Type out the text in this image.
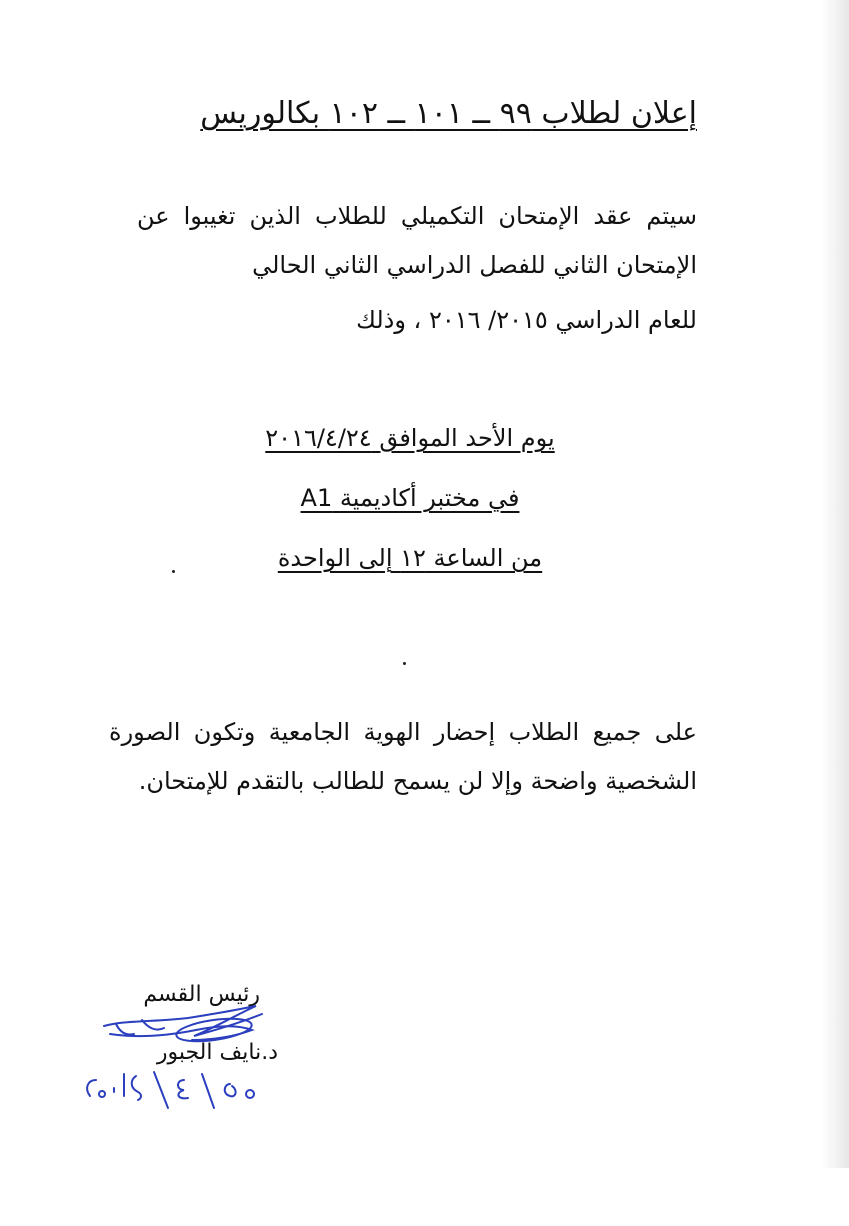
إعلان لطلاب ٩٩ ــ ١٠١ ــ ١٠٢ بكالوريس
سيتم عقد الإمتحان التكميلي للطلاب الذين تغيبوا عن الإمتحان الثاني للفصل الدراسي الثاني الحالي
للعام الدراسي ٢٠١٥/ ٢٠١٦ ، وذلك
يوم الأحد الموافق ٢٠١٦/٤/٢٤
في مختبر أكاديمية A1
من الساعة ١٢ إلى الواحدة
على جميع الطلاب إحضار الهوية الجامعية وتكون الصورة الشخصية واضحة وإلا لن يسمح للطالب بالتقدم للإمتحان.
رئيس القسم
د.نايف الجبور
